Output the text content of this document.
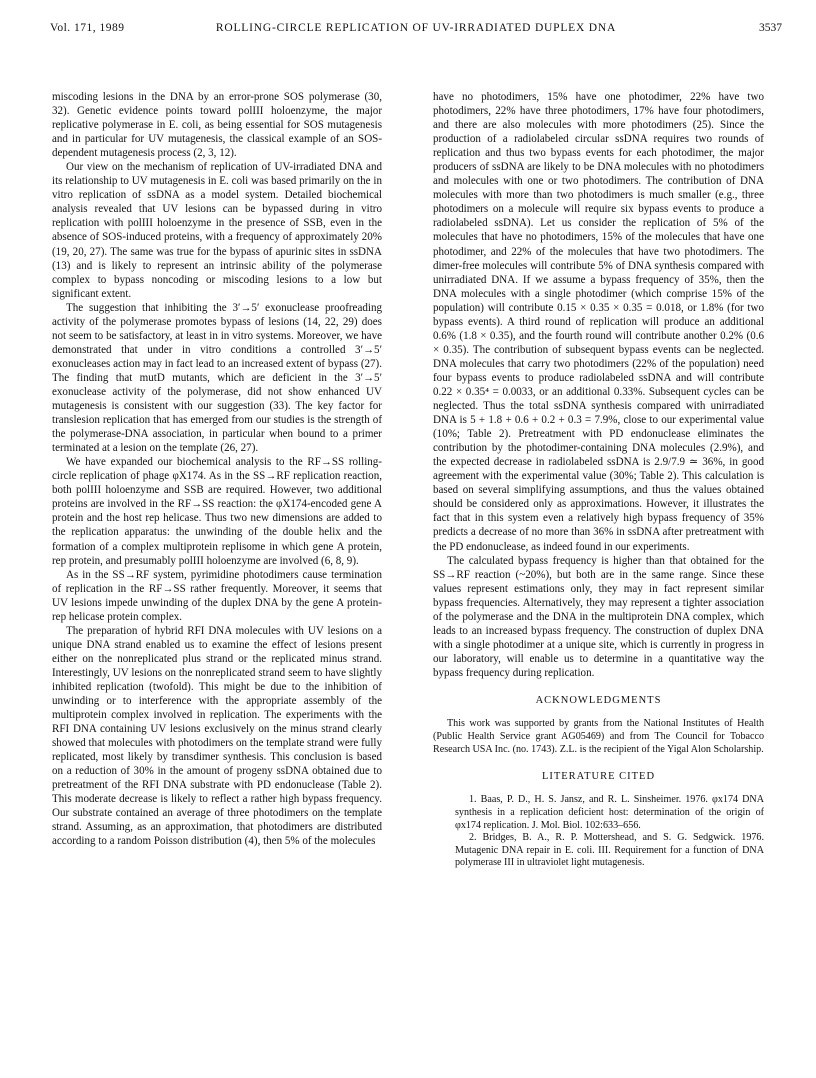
Vol. 171, 1989	ROLLING-CIRCLE REPLICATION OF UV-IRRADIATED DUPLEX DNA	3537

miscoding lesions in the DNA by an error-prone SOS polymerase (30, 32). Genetic evidence points toward polIII holoenzyme, the major replicative polymerase in E. coli, as being essential for SOS mutagenesis and in particular for UV mutagenesis, the classical example of an SOS-dependent mutagenesis process (2, 3, 12).

Our view on the mechanism of replication of UV-irradiated DNA and its relationship to UV mutagenesis in E. coli was based primarily on the in vitro replication of ssDNA as a model system. Detailed biochemical analysis revealed that UV lesions can be bypassed during in vitro replication with polIII holoenzyme in the presence of SSB, even in the absence of SOS-induced proteins, with a frequency of approximately 20% (19, 20, 27). The same was true for the bypass of apurinic sites in ssDNA (13) and is likely to represent an intrinsic ability of the polymerase complex to bypass noncoding or miscoding lesions to a low but significant extent.

The suggestion that inhibiting the 3′→5′ exonuclease proofreading activity of the polymerase promotes bypass of lesions (14, 22, 29) does not seem to be satisfactory, at least in in vitro systems. Moreover, we have demonstrated that under in vitro conditions a controlled 3′→5′ exonucleases action may in fact lead to an increased extent of bypass (27). The finding that mutD mutants, which are deficient in the 3′→5′ exonuclease activity of the polymerase, did not show enhanced UV mutagenesis is consistent with our suggestion (33). The key factor for translesion replication that has emerged from our studies is the strength of the polymerase-DNA association, in particular when bound to a primer terminated at a lesion on the template (26, 27).

We have expanded our biochemical analysis to the RF→SS rolling-circle replication of phage φX174. As in the SS→RF replication reaction, both polIII holoenzyme and SSB are required. However, two additional proteins are involved in the RF→SS reaction: the φX174-encoded gene A protein and the host rep helicase. Thus two new dimensions are added to the replication apparatus: the unwinding of the double helix and the formation of a complex multiprotein replisome in which gene A protein, rep protein, and presumably polIII holoenzyme are involved (6, 8, 9).

As in the SS→RF system, pyrimidine photodimers cause termination of replication in the RF→SS rather frequently. Moreover, it seems that UV lesions impede unwinding of the duplex DNA by the gene A protein-rep helicase protein complex.

The preparation of hybrid RFI DNA molecules with UV lesions on a unique DNA strand enabled us to examine the effect of lesions present either on the nonreplicated plus strand or the replicated minus strand. Interestingly, UV lesions on the nonreplicated strand seem to have slightly inhibited replication (twofold). This might be due to the inhibition of unwinding or to interference with the appropriate assembly of the multiprotein complex involved in replication. The experiments with the RFI DNA containing UV lesions exclusively on the minus strand clearly showed that molecules with photodimers on the template strand were fully replicated, most likely by transdimer synthesis. This conclusion is based on a reduction of 30% in the amount of progeny ssDNA obtained due to pretreatment of the RFI DNA substrate with PD endonuclease (Table 2). This moderate decrease is likely to reflect a rather high bypass frequency. Our substrate contained an average of three photodimers on the template strand. Assuming, as an approximation, that photodimers are distributed according to a random Poisson distribution (4), then 5% of the molecules

have no photodimers, 15% have one photodimer, 22% have two photodimers, 22% have three photodimers, 17% have four photodimers, and there are also molecules with more photodimers (25). Since the production of a radiolabeled circular ssDNA requires two rounds of replication and thus two bypass events for each photodimer, the major producers of ssDNA are likely to be DNA molecules with no photodimers and molecules with one or two photodimers. The contribution of DNA molecules with more than two photodimers is much smaller (e.g., three photodimers on a molecule will require six bypass events to produce a radiolabeled ssDNA). Let us consider the replication of 5% of the molecules that have no photodimers, 15% of the molecules that have one photodimer, and 22% of the molecules that have two photodimers. The dimer-free molecules will contribute 5% of DNA synthesis compared with unirradiated DNA. If we assume a bypass frequency of 35%, then the DNA molecules with a single photodimer (which comprise 15% of the population) will contribute 0.15 × 0.35 × 0.35 = 0.018, or 1.8% (for two bypass events). A third round of replication will produce an additional 0.6% (1.8 × 0.35), and the fourth round will contribute another 0.2% (0.6 × 0.35). The contribution of subsequent bypass events can be neglected. DNA molecules that carry two photodimers (22% of the population) need four bypass events to produce radiolabeled ssDNA and will contribute 0.22 × 0.35⁴ = 0.0033, or an additional 0.33%. Subsequent cycles can be neglected. Thus the total ssDNA synthesis compared with unirradiated DNA is 5 + 1.8 + 0.6 + 0.2 + 0.3 = 7.9%, close to our experimental value (10%; Table 2). Pretreatment with PD endonuclease eliminates the contribution by the photodimer-containing DNA molecules (2.9%), and the expected decrease in radiolabeled ssDNA is 2.9/7.9 ≃ 36%, in good agreement with the experimental value (30%; Table 2). This calculation is based on several simplifying assumptions, and thus the values obtained should be considered only as approximations. However, it illustrates the fact that in this system even a relatively high bypass frequency of 35% predicts a decrease of no more than 36% in ssDNA after pretreatment with the PD endonuclease, as indeed found in our experiments.

The calculated bypass frequency is higher than that obtained for the SS→RF reaction (~20%), but both are in the same range. Since these values represent estimations only, they may in fact represent similar bypass frequencies. Alternatively, they may represent a tighter association of the polymerase and the DNA in the multiprotein DNA complex, which leads to an increased bypass frequency. The construction of duplex DNA with a single photodimer at a unique site, which is currently in progress in our laboratory, will enable us to determine in a quantitative way the bypass frequency during replication.

ACKNOWLEDGMENTS

This work was supported by grants from the National Institutes of Health (Public Health Service grant AG05469) and from The Council for Tobacco Research USA Inc. (no. 1743). Z.L. is the recipient of the Yigal Alon Scholarship.

LITERATURE CITED

1. Baas, P. D., H. S. Jansz, and R. L. Sinsheimer. 1976. φx174 DNA synthesis in a replication deficient host: determination of the origin of φx174 replication. J. Mol. Biol. 102:633–656.

2. Bridges, B. A., R. P. Mottershead, and S. G. Sedgwick. 1976. Mutagenic DNA repair in E. coli. III. Requirement for a function of DNA polymerase III in ultraviolet light mutagenesis.
